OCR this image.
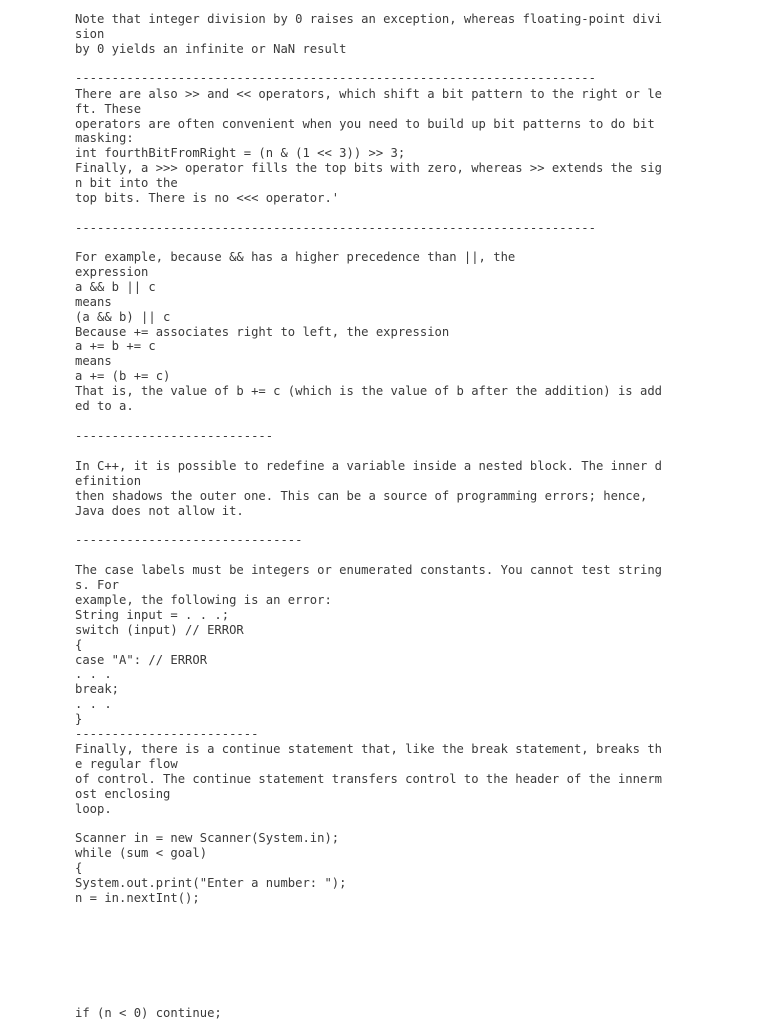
Note that integer division by 0 raises an exception, whereas floating-point divi
sion
by 0 yields an infinite or NaN result
-----------------------------------------------------------------------
There are also >> and << operators, which shift a bit pattern to the right or le
ft. These
operators are often convenient when you need to build up bit patterns to do bit
masking:
int fourthBitFromRight = (n & (1 << 3)) >> 3;
Finally, a >>> operator fills the top bits with zero, whereas >> extends the sig
n bit into the
top bits. There is no <<< operator.'
-----------------------------------------------------------------------
For example, because && has a higher precedence than ||, the
expression
a && b || c
means
(a && b) || c
Because += associates right to left, the expression
a += b += c
means
a += (b += c)
That is, the value of b += c (which is the value of b after the addition) is add
ed to a.
---------------------------
In C++, it is possible to redefine a variable inside a nested block. The inner d
efinition
then shadows the outer one. This can be a source of programming errors; hence,
Java does not allow it.
-------------------------------
The case labels must be integers or enumerated constants. You cannot test string
s. For
example, the following is an error:
String input = . . .;
switch (input) // ERROR
{
case "A": // ERROR
. . .
break;
. . .
}
-------------------------
Finally, there is a continue statement that, like the break statement, breaks th
e regular flow
of control. The continue statement transfers control to the header of the innerm
ost enclosing
loop.
Scanner in = new Scanner(System.in);
while (sum < goal)
{
System.out.print("Enter a number: ");
n = in.nextInt();
if (n < 0) continue;
